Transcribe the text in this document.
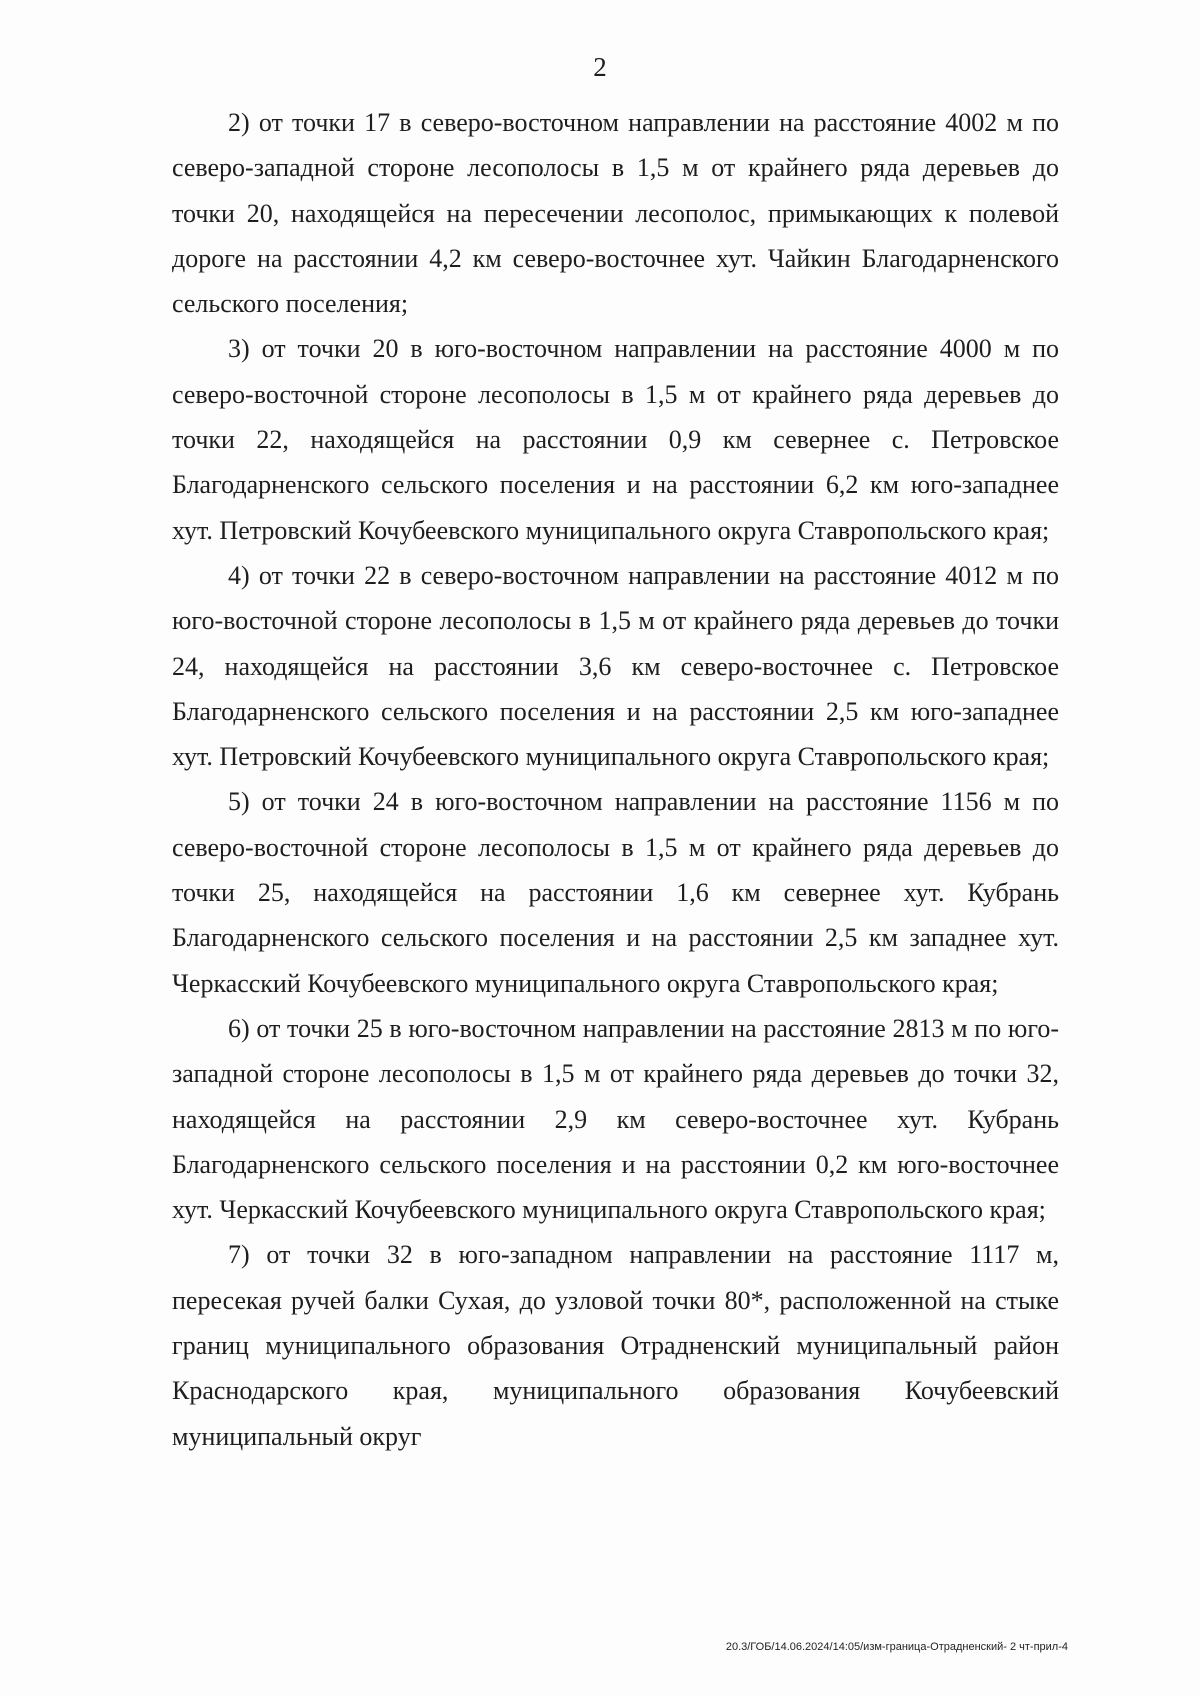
2

2) от точки 17 в северо-восточном направлении на расстояние 4002 м по северо-западной стороне лесополосы в 1,5 м от крайнего ряда деревьев до точки 20, находящейся на пересечении лесополос, примыкающих к полевой дороге на расстоянии 4,2 км северо-восточнее хут. Чайкин Благодарненского сельского поселения;

3) от точки 20 в юго-восточном направлении на расстояние 4000 м по северо-восточной стороне лесополосы в 1,5 м от крайнего ряда деревьев до точки 22, находящейся на расстоянии 0,9 км севернее с. Петровское Благодарненского сельского поселения и на расстоянии 6,2 км юго-западнее хут. Петровский Кочубеевского муниципального округа Ставропольского края;

4) от точки 22 в северо-восточном направлении на расстояние 4012 м по юго-восточной стороне лесополосы в 1,5 м от крайнего ряда деревьев до точки 24, находящейся на расстоянии 3,6 км северо-восточнее с. Петровское Благодарненского сельского поселения и на расстоянии 2,5 км юго-западнее хут. Петровский Кочубеевского муниципального округа Ставропольского края;

5) от точки 24 в юго-восточном направлении на расстояние 1156 м по северо-восточной стороне лесополосы в 1,5 м от крайнего ряда деревьев до точки 25, находящейся на расстоянии 1,6 км севернее хут. Кубрань Благодарненского сельского поселения и на расстоянии 2,5 км западнее хут. Черкасский Кочубеевского муниципального округа Ставропольского края;

6) от точки 25 в юго-восточном направлении на расстояние 2813 м по юго-западной стороне лесополосы в 1,5 м от крайнего ряда деревьев до точки 32, находящейся на расстоянии 2,9 км северо-восточнее хут. Кубрань Благодарненского сельского поселения и на расстоянии 0,2 км юго-восточнее хут. Черкасский Кочубеевского муниципального округа Ставропольского края;

7) от точки 32 в юго-западном направлении на расстояние 1117 м, пересекая ручей балки Сухая, до узловой точки 80*, расположенной на стыке границ муниципального образования Отрадненский муниципальный район Краснодарского края, муниципального образования Кочубеевский муниципальный округ

20.3/ГОБ/14.06.2024/14:05/изм-граница-Отрадненский- 2 чт-прил-4
